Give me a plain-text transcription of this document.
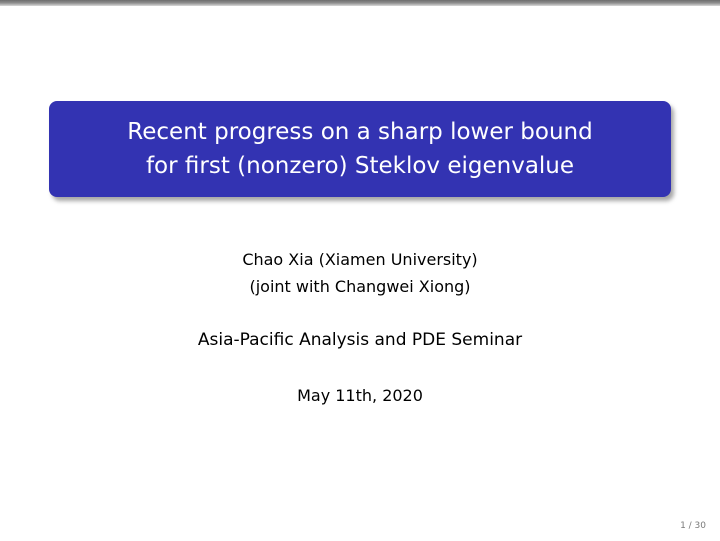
Recent progress on a sharp lower bound
for first (nonzero) Steklov eigenvalue
Chao Xia (Xiamen University)
(joint with Changwei Xiong)
Asia-Pacific Analysis and PDE Seminar
May 11th, 2020
1 / 30
